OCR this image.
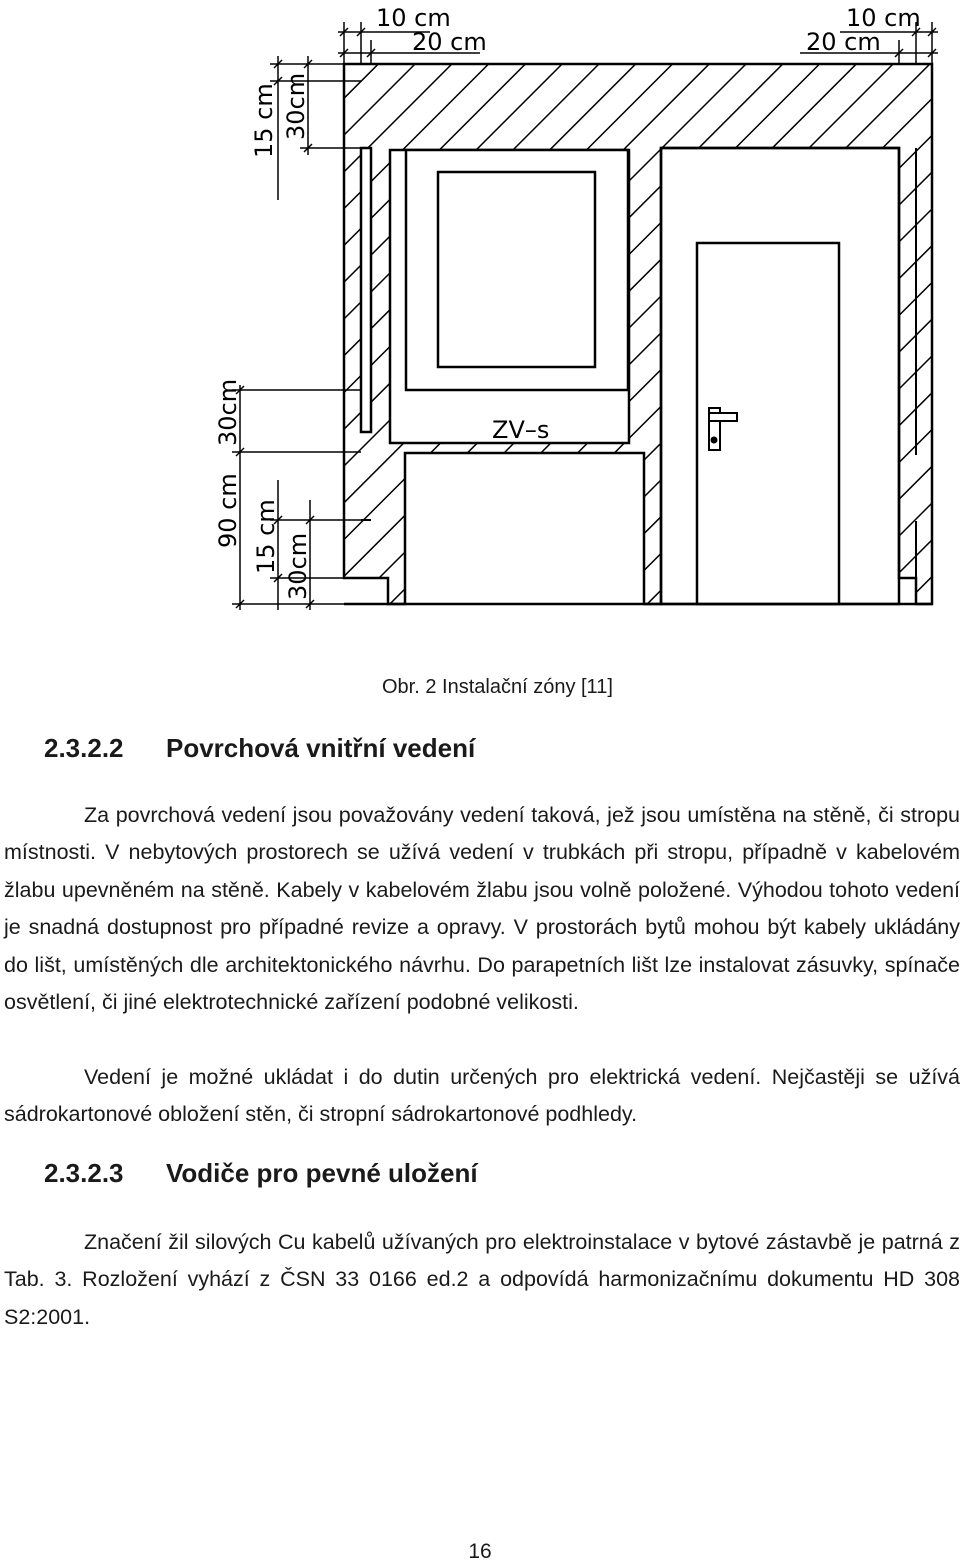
ZV–s
10 cm
20 cm
10 cm
20 cm
15 cm 30cm
30cm
90 cm 15 cm 30cm
Obr. 2 Instalační zóny [11]
2.3.2.2 Povrchová vnitřní vedení
Za povrchová vedení jsou považovány vedení taková, jež jsou umístěna na stěně, či stropu místnosti. V nebytových prostorech se užívá vedení v trubkách při stropu, případně v kabelovém žlabu upevněném na stěně. Kabely v kabelovém žlabu jsou volně položené. Výhodou tohoto vedení je snadná dostupnost pro případné revize a opravy. V prostorách bytů mohou být kabely ukládány do lišt, umístěných dle architektonického návrhu. Do parapetních lišt lze instalovat zásuvky, spínače osvětlení, či jiné elektrotechnické zařízení podobné velikosti.
Vedení je možné ukládat i do dutin určených pro elektrická vedení. Nejčastěji se užívá sádrokartonové obložení stěn, či stropní sádrokartonové podhledy.
2.3.2.3 Vodiče pro pevné uložení
Značení žil silových Cu kabelů užívaných pro elektroinstalace v bytové zástavbě je patrná z Tab. 3. Rozložení vyhází z ČSN 33 0166 ed.2 a odpovídá harmonizačnímu dokumentu HD 308 S2:2001.
16
